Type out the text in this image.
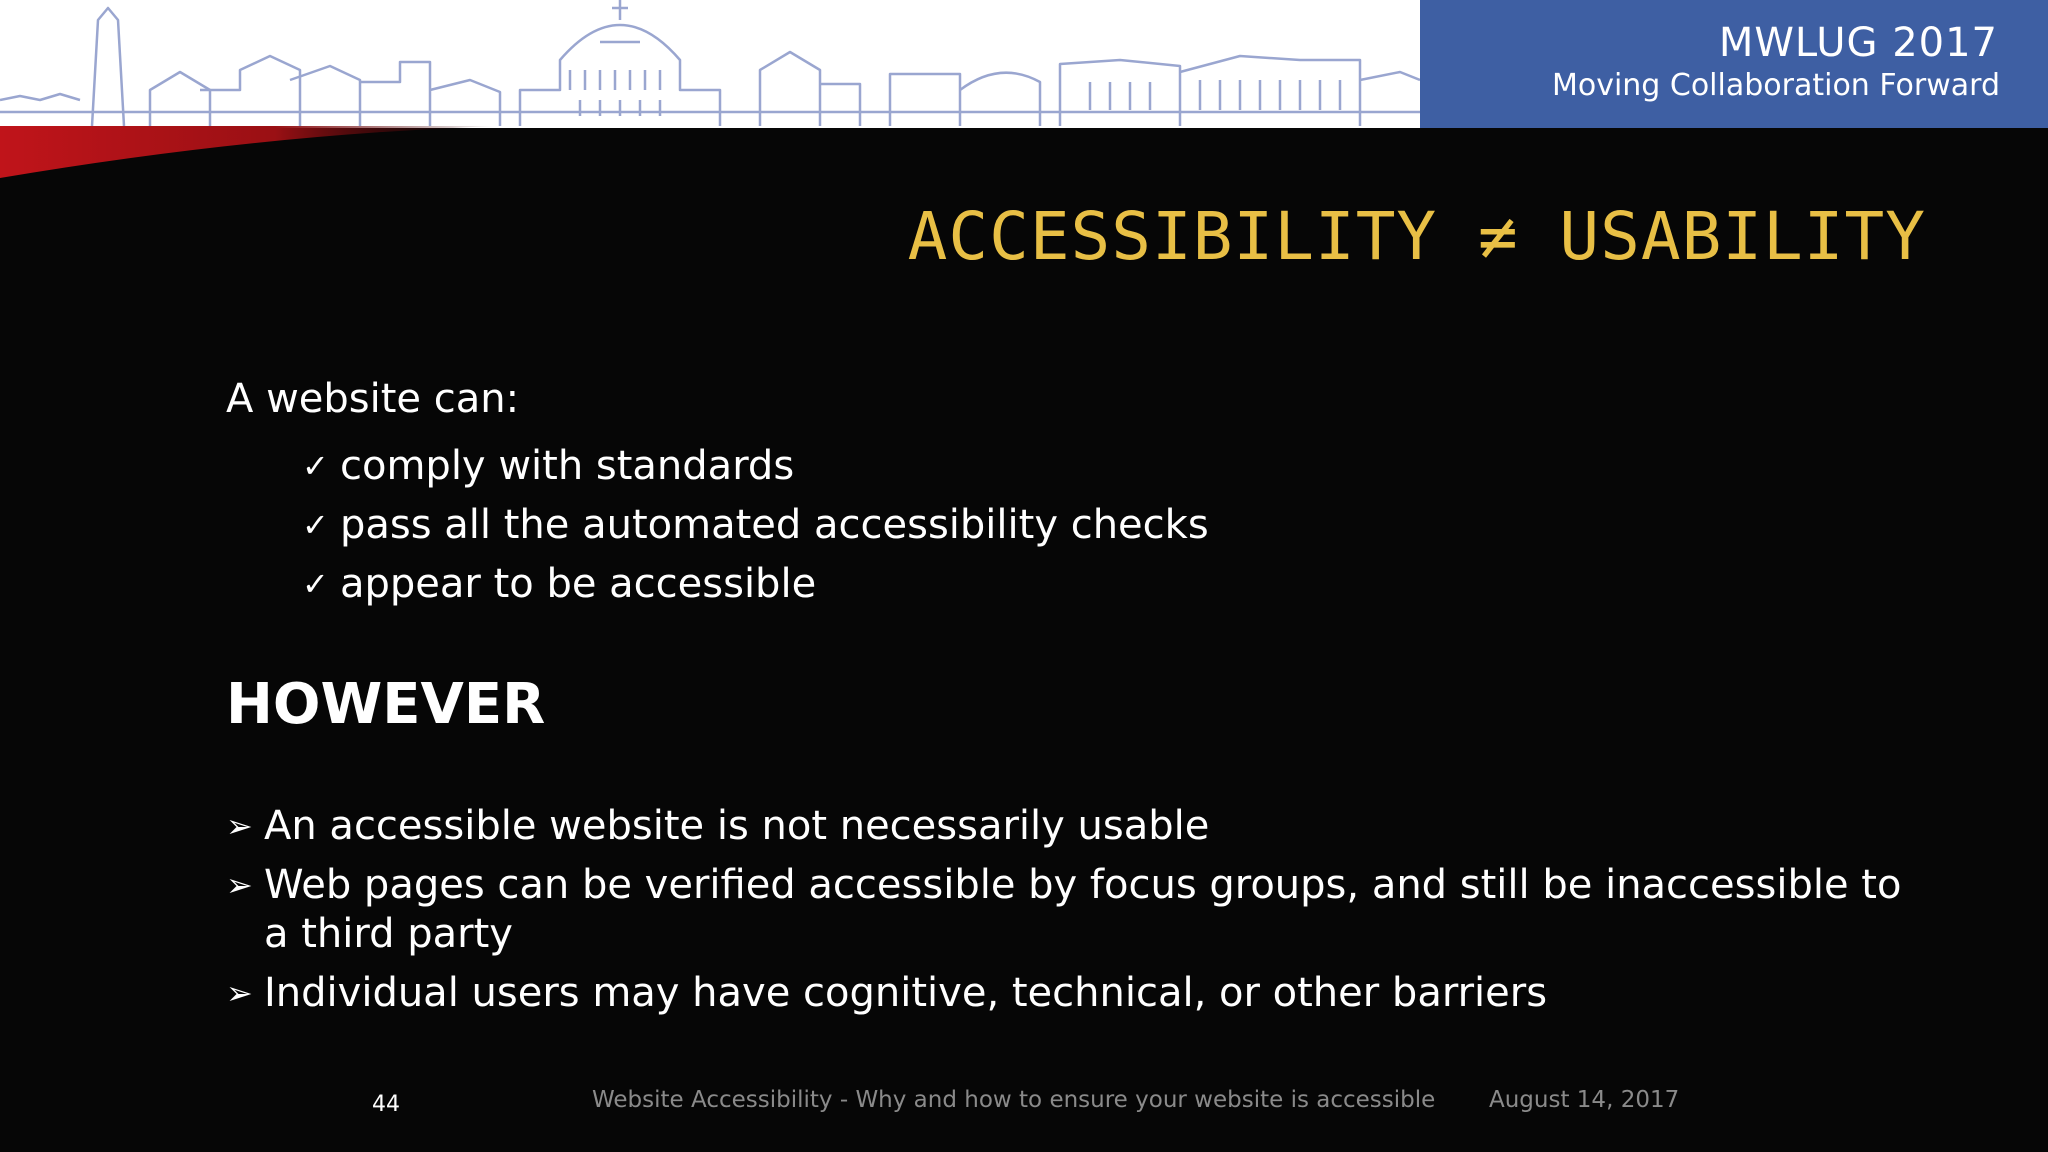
MWLUG 2017
Moving Collaboration Forward
ACCESSIBILITY ≠ USABILITY
A website can:
✓ comply with standards
✓ pass all the automated accessibility checks
✓ appear to be accessible
HOWEVER
➢ An accessible website is not necessarily usable
➢ Web pages can be verified accessible by focus groups, and still be inaccessible to a third party
➢ Individual users may have cognitive, technical, or other barriers
44	Website Accessibility - Why and how to ensure your website is accessible August 14, 2017
